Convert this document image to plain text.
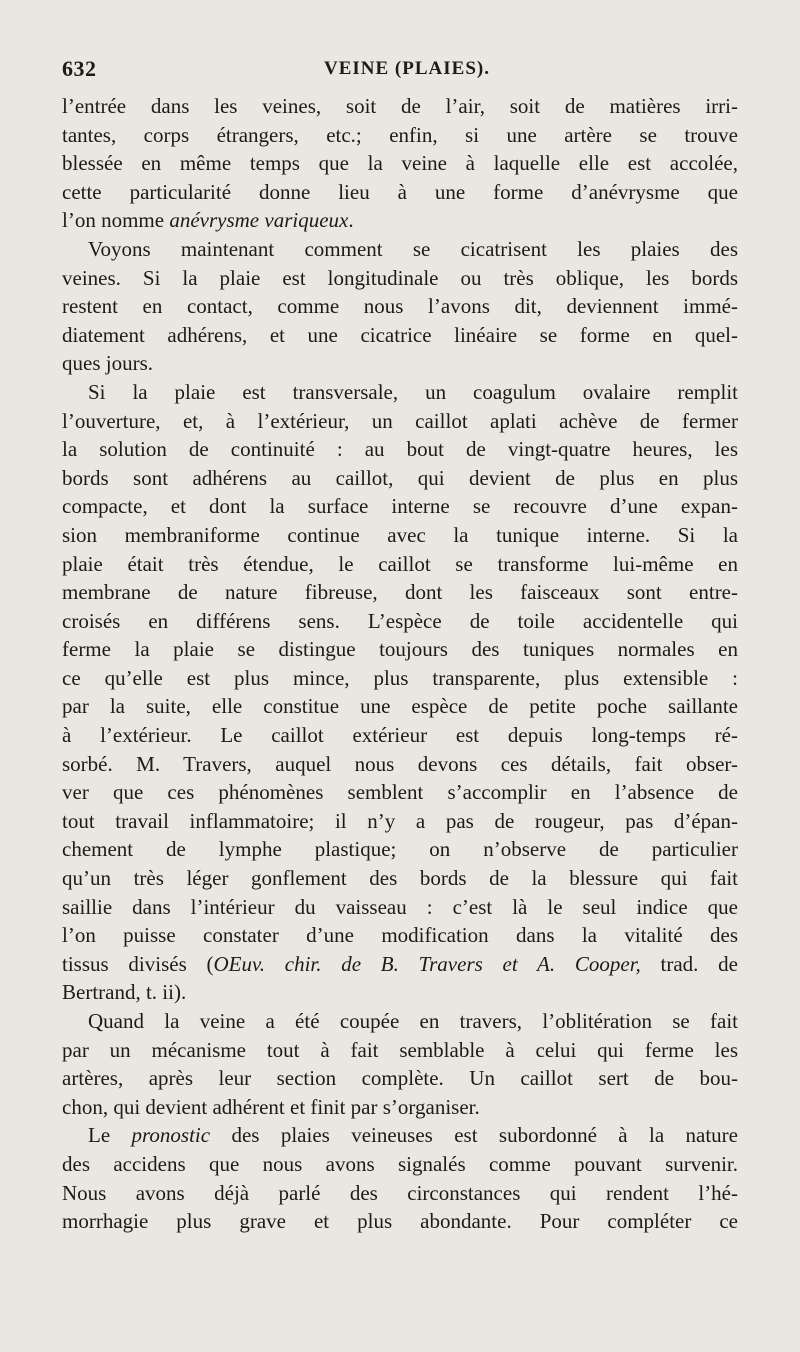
632	VEINE (PLAIES).
l’entrée dans les veines, soit de l’air, soit de matières irri-
tantes, corps étrangers, etc.; enfin, si une artère se trouve
blessée en même temps que la veine à laquelle elle est accolée,
cette particularité donne lieu à une forme d’anévrysme que
l’on nomme anévrysme variqueux.
Voyons maintenant comment se cicatrisent les plaies des
veines. Si la plaie est longitudinale ou très oblique, les bords
restent en contact, comme nous l’avons dit, deviennent immé-
diatement adhérens, et une cicatrice linéaire se forme en quel-
ques jours.
Si la plaie est transversale, un coagulum ovalaire remplit
l’ouverture, et, à l’extérieur, un caillot aplati achève de fermer
la solution de continuité : au bout de vingt-quatre heures, les
bords sont adhérens au caillot, qui devient de plus en plus
compacte, et dont la surface interne se recouvre d’une expan-
sion membraniforme continue avec la tunique interne. Si la
plaie était très étendue, le caillot se transforme lui-même en
membrane de nature fibreuse, dont les faisceaux sont entre-
croisés en différens sens. L’espèce de toile accidentelle qui
ferme la plaie se distingue toujours des tuniques normales en
ce qu’elle est plus mince, plus transparente, plus extensible :
par la suite, elle constitue une espèce de petite poche saillante
à l’extérieur. Le caillot extérieur est depuis long-temps ré-
sorbé. M. Travers, auquel nous devons ces détails, fait obser-
ver que ces phénomènes semblent s’accomplir en l’absence de
tout travail inflammatoire; il n’y a pas de rougeur, pas d’épan-
chement de lymphe plastique; on n’observe de particulier
qu’un très léger gonflement des bords de la blessure qui fait
saillie dans l’intérieur du vaisseau : c’est là le seul indice que
l’on puisse constater d’une modification dans la vitalité des
tissus divisés (OEuv. chir. de B. Travers et A. Cooper, trad. de
Bertrand, t. ii).
Quand la veine a été coupée en travers, l’oblitération se fait
par un mécanisme tout à fait semblable à celui qui ferme les
artères, après leur section complète. Un caillot sert de bou-
chon, qui devient adhérent et finit par s’organiser.
Le pronostic des plaies veineuses est subordonné à la nature
des accidens que nous avons signalés comme pouvant survenir.
Nous avons déjà parlé des circonstances qui rendent l’hé-
morrhagie plus grave et plus abondante. Pour compléter ce
